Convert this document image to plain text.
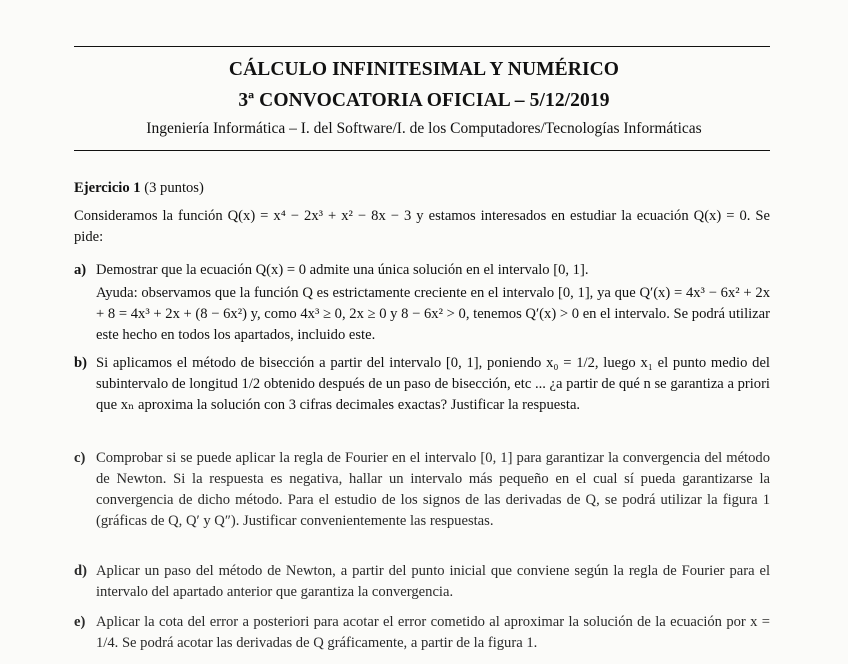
CÁLCULO INFINITESIMAL Y NUMÉRICO
3ª CONVOCATORIA OFICIAL – 5/12/2019
Ingeniería Informática – I. del Software/I. de los Computadores/Tecnologías Informáticas
Ejercicio 1 (3 puntos)
Consideramos la función Q(x) = x⁴ − 2x³ + x² − 8x − 3 y estamos interesados en estudiar la ecuación Q(x) = 0. Se pide:
a) Demostrar que la ecuación Q(x) = 0 admite una única solución en el intervalo [0, 1].
Ayuda: observamos que la función Q es estrictamente creciente en el intervalo [0, 1], ya que Q′(x) = 4x³ − 6x² + 2x + 8 = 4x³ + 2x + (8 − 6x²) y, como 4x³ ≥ 0, 2x ≥ 0 y 8 − 6x² > 0, tenemos Q′(x) > 0 en el intervalo. Se podrá utilizar este hecho en todos los apartados, incluido este.
b) Si aplicamos el método de bisección a partir del intervalo [0, 1], poniendo x₀ = 1/2, luego x₁ el punto medio del subintervalo de longitud 1/2 obtenido después de un paso de bisección, etc ... ¿a partir de qué n se garantiza a priori que xₙ aproxima la solución con 3 cifras decimales exactas? Justificar la respuesta.
c) Comprobar si se puede aplicar la regla de Fourier en el intervalo [0, 1] para garantizar la convergencia del método de Newton. Si la respuesta es negativa, hallar un intervalo más pequeño en el cual sí pueda garantizarse la convergencia de dicho método. Para el estudio de los signos de las derivadas de Q, se podrá utilizar la figura 1 (gráficas de Q, Q′ y Q″). Justificar convenientemente las respuestas.
d) Aplicar un paso del método de Newton, a partir del punto inicial que conviene según la regla de Fourier para el intervalo del apartado anterior que garantiza la convergencia.
e) Aplicar la cota del error a posteriori para acotar el error cometido al aproximar la solución de la ecuación por x = 1/4. Se podrá acotar las derivadas de Q gráficamente, a partir de la figura 1.
